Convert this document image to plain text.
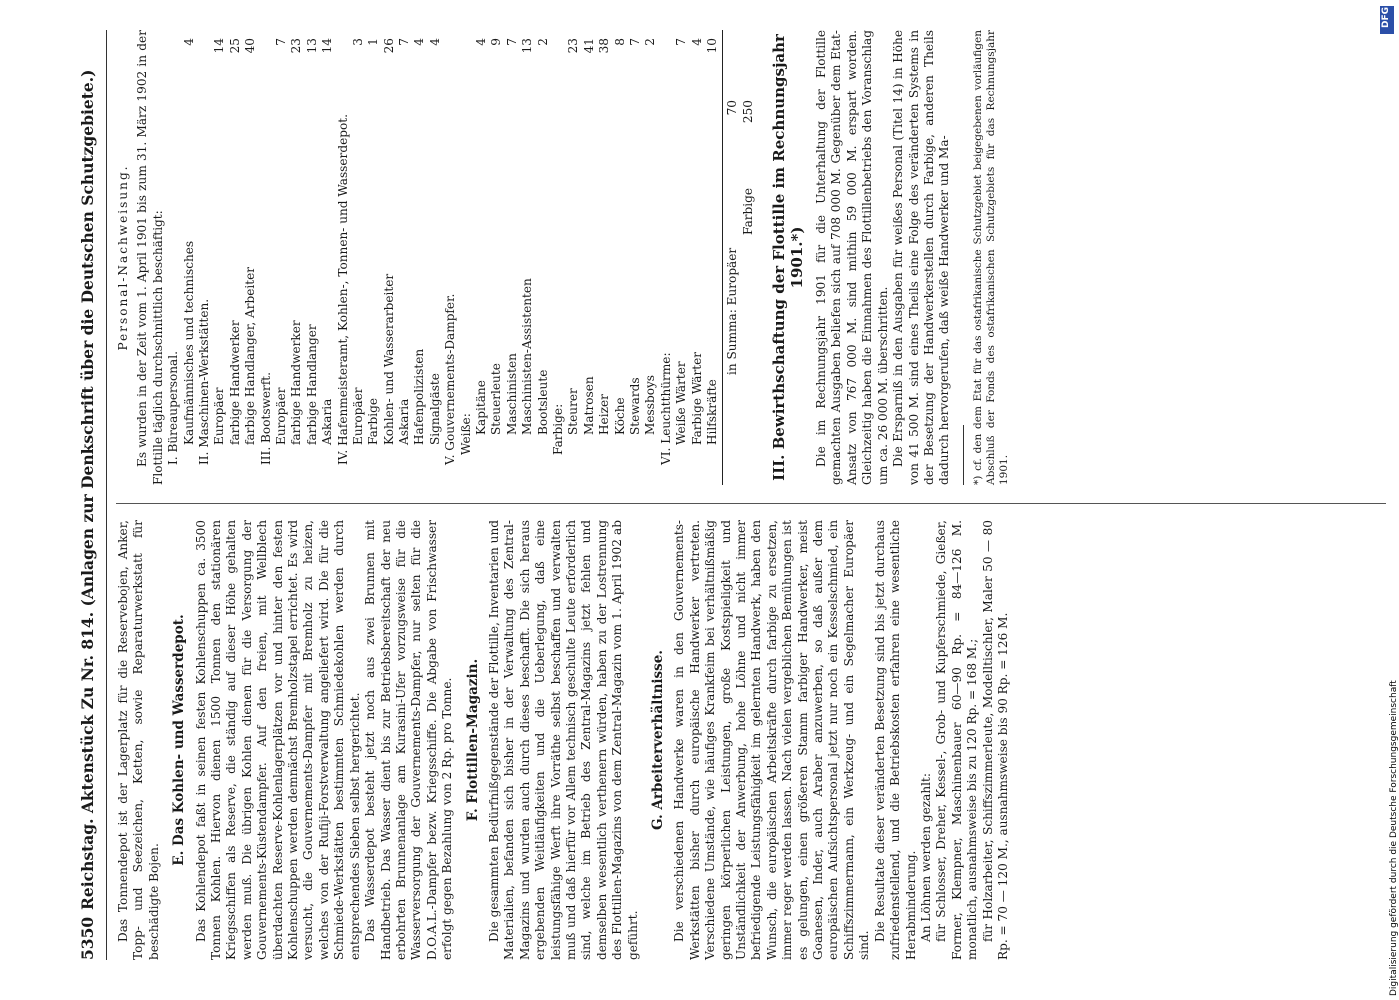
5350
Reichstag. Aktenstück Zu Nr. 814. (Anlagen zur Denkschrift über die Deutschen Schutzgebiete.) Das Tonnendepot ist der Lagerplatz für die Reservebojen, Anker, Topp- und Seezeichen, Ketten, sowie Reparaturwerkstatt für beschädigte Bojen.

E. Das Kohlen- und Wasserdepot. Das Kohlendepot faßt in seinen festen Kohlenschuppen ca. 3500 Tonnen Kohlen. Hiervon dienen 1500 Tonnen den stationären Kriegsschiffen als Reserve, die ständig auf dieser Höhe gehalten werden muß. Die übrigen Kohlen dienen für die Versorgung der Gouvernements-Küstendampfer. Auf den freien, mit Wellblech überdachten Reserve-Kohlenlagerplätzen vor und hinter den festen Kohlenschuppen werden demnächst Bremholzstapel errichtet. Es wird versucht, die Gouvernements-Dampfer mit Bremholz zu heizen, welches von der Rufiji-Forstverwaltung angeliefert wird. Die für die Schmiede-Werkstätten bestimmten Schmiedekohlen werden durch entsprechendes Sieben selbst hergerichtet. Das Wasserdepot besteht jetzt noch aus zwei Brunnen mit Handbetrieb. Das Wasser dient bis zur Betriebsbereitschaft der neu erbohrten Brunnenanlage am Kurasini-Ufer vorzugsweise für die Wasserversorgung der Gouvernements-Dampfer, nur selten für die D.O.A.L.-Dampfer bezw. Kriegsschiffe. Die Abgabe von Frischwasser erfolgt gegen Bezahlung von 2 Rp. pro Tonne. F. Flottillen-Magazin. Die gesammten Bedürfnißgegenstände der Flottille, Inventarien und Materialien, befanden sich bisher in der Verwaltung des Zentral-Magazins und wurden auch durch dieses beschafft. Die sich heraus ergebenden Weitläufigkeiten und die Ueberlegung, daß eine leistungsfähige Werft ihre Vorräthe selbst beschaffen und verwalten muß und daß hierfür vor Allem technisch geschulte Leute erforderlich sind, welche im Betrieb des Zentral-Magazins jetzt fehlen und demselben wesentlich verthenern würden, haben zu der Lostrennung des Flottillen-Magazins von dem Zentral-Magazin vom 1. April 1902 ab geführt.

G. Arbeiterverhältnisse. Die verschiedenen Handwerke waren in den Gouvernements-Werkstätten bisher durch europäische Handwerker vertreten. Verschiedene Umstände, wie häufiges Krankfeim bei verhältnißmäßig geringen körperlichen Leistungen, große Kostspieligkeit und Unständlichkeit der Anwerbung, hohe Löhne und nicht immer befriedigende Leistungsfähigkeit im gelernten Handwerk, haben den Wunsch, die europäischen Arbeitskräfte durch farbige zu ersetzen, immer reger werden lassen. Nach vielen vergeblichen Bemühungen ist es gelungen, einen größeren Stamm farbiger Handwerker, meist Goanesen, Inder, auch Araber anzuwerben, so daß außer dem europäischen Aufsichtspersonal jetzt nur noch ein Kesselschmied, ein Schiffszimmermann, ein Werkzeug- und ein Segelmacher Europäer sind.

Die Resultate dieser veränderten Besetzung sind bis jetzt durchaus zufriedenstellend, und die Betriebskosten erfahren eine wesentliche Herabminderung. An Löhnen werden gezahlt: für Schlosser, Dreher, Kessel-, Grob- und Kupferschmiede, Gießer, Former, Klempner, Maschinenbauer 60—90 Rp. = 84—126 M. monatlich, ausnahmsweise bis zu 120 Rp. = 168 M.; für Holzarbeiter, Schiffszimmerleute, Modelltischler, Maler 50 — 80 Rp. = 70 — 120 M., ausnahmsweise bis 90 Rp. = 126 M.

Personal-Nachweisung. Es wurden in der Zeit vom 1. April 1901 bis zum 31. März 1902 in der Flottille täglich durchschnittlich beschäftigt: I. Büreaupersonal. Kaufmännisches und technisches
4
II. Maschinen-Werkstätten. Europäer
14
farbige Handwerker
25
farbige Handlanger, Arbeiter
40
III. Bootswerft. Europäer
7
farbige Handwerker
23
farbige Handlanger
13
Askaria
14
IV. Hafenmeisteramt, Kohlen-, Tonnen- und Wasserdepot. Europäer
3
Farbige
1
Kohlen- und Wasserarbeiter
26
Askaria
7
Hafenpolizisten
4
Signalgäste
4
V. Gouvernements-Dampfer. Weiße: Kapitäne
4
Steuerleute
9
Maschinisten
7
Maschinisten-Assistenten
13
Bootsleute
2
Farbige: Steurer
23
Matrosen
41
Heizer
38
Köche
8
Stewards
7
Messboys
2
VI. Leuchtthürme: Weiße Wärter
7
Farbige Wärter
4
Hilfskräfte
10
in Summa: Europäer
70
Farbige
250 III. Bewirthschaftung der Flottille im Rechnungsjahr 1901.*) Die im Rechnungsjahr 1901 für die Unterhaltung der Flottille gemachten Ausgaben beliefen sich auf 708 000 M. Gegenüber dem Etat-Ansatz von 767 000 M. sind mithin 59 000 M. erspart worden. Gleichzeitig haben die Einnahmen des Flottillenbetriebs den Voranschlag um ca. 26 000 M. überschritten. Die Ersparniß in den Ausgaben für weißes Personal (Titel 14) in Höhe von 41 500 M. sind eines Theils eine Folge des veränderten Systems in der Besetzung der Handwerkerstellen durch Farbige, anderen Theils dadurch hervorgerufen, daß weiße Handwerker und Ma- *) cf. den dem Etat für das ostafrikanische Schutzgebiet beigegebenen vorläufigen Abschluß der Fonds des ostafrikanischen Schutzgebiets für das Rechnungsjahr 1901.

DFG
Digitalisierung gefördert durch die Deutsche Forschungsgemeinschaft
